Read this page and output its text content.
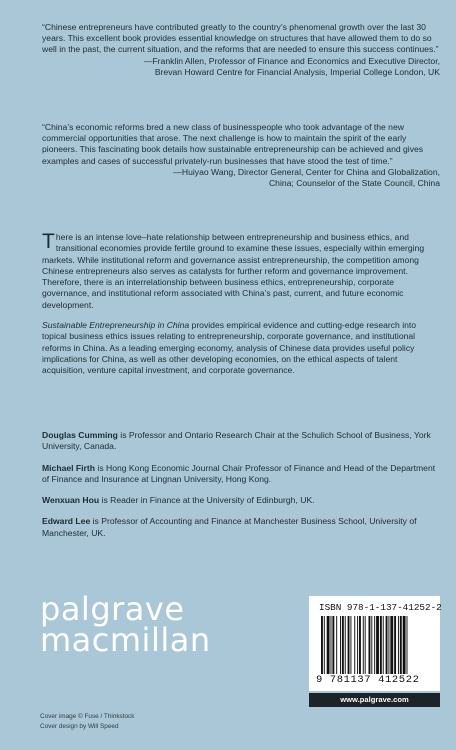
“Chinese entrepreneurs have contributed greatly to the country’s phenomenal growth over the last 30 years. This excellent book provides essential knowledge on structures that have allowed them to do so well in the past, the current situation, and the reforms that are needed to ensure this success continues.”

—Franklin Allen, Professor of Finance and Economics and Executive Director,

Brevan Howard Centre for Financial Analysis, Imperial College London, UK

“China’s economic reforms bred a new class of businesspeople who took advantage of the new commercial opportunities that arose. The next challenge is how to maintain the spirit of the early pioneers. This fascinating book details how sustainable entrepreneurship can be achieved and gives examples and cases of successful privately-run businesses that have stood the test of time.”

—Huiyao Wang, Director General, Center for China and Globalization,

China; Counselor of the State Council, China

There is an intense love–hate relationship between entrepreneurship and business ethics, and transitional economies provide fertile ground to examine these issues, especially within emerging markets. While institutional reform and governance assist entrepreneurship, the competition among Chinese entrepreneurs also serves as catalysts for further reform and governance improvement. Therefore, there is an interrelationship between business ethics, entrepreneurship, corporate governance, and institutional reform associated with China’s past, current, and future economic development.

Sustainable Entrepreneurship in China provides empirical evidence and cutting-edge research into topical business ethics issues relating to entrepreneurship, corporate governance, and institutional reforms in China. As a leading emerging economy, analysis of Chinese data provides useful policy implications for China, as well as other developing economies, on the ethical aspects of talent acquisition, venture capital investment, and corporate governance.

Douglas Cumming is Professor and Ontario Research Chair at the Schulich School of Business, York University, Canada.

Michael Firth is Hong Kong Economic Journal Chair Professor of Finance and Head of the Department of Finance and Insurance at Lingnan University, Hong Kong.

Wenxuan Hou is Reader in Finance at the University of Edinburgh, UK.

Edward Lee is Professor of Accounting and Finance at Manchester Business School, University of Manchester, UK.

palgrave
macmillan
Cover image © Fuse / Thinkstock
Cover design by Will Speed
ISBN 978-1-137-41252-2
9 781137 412522
www.palgrave.com
